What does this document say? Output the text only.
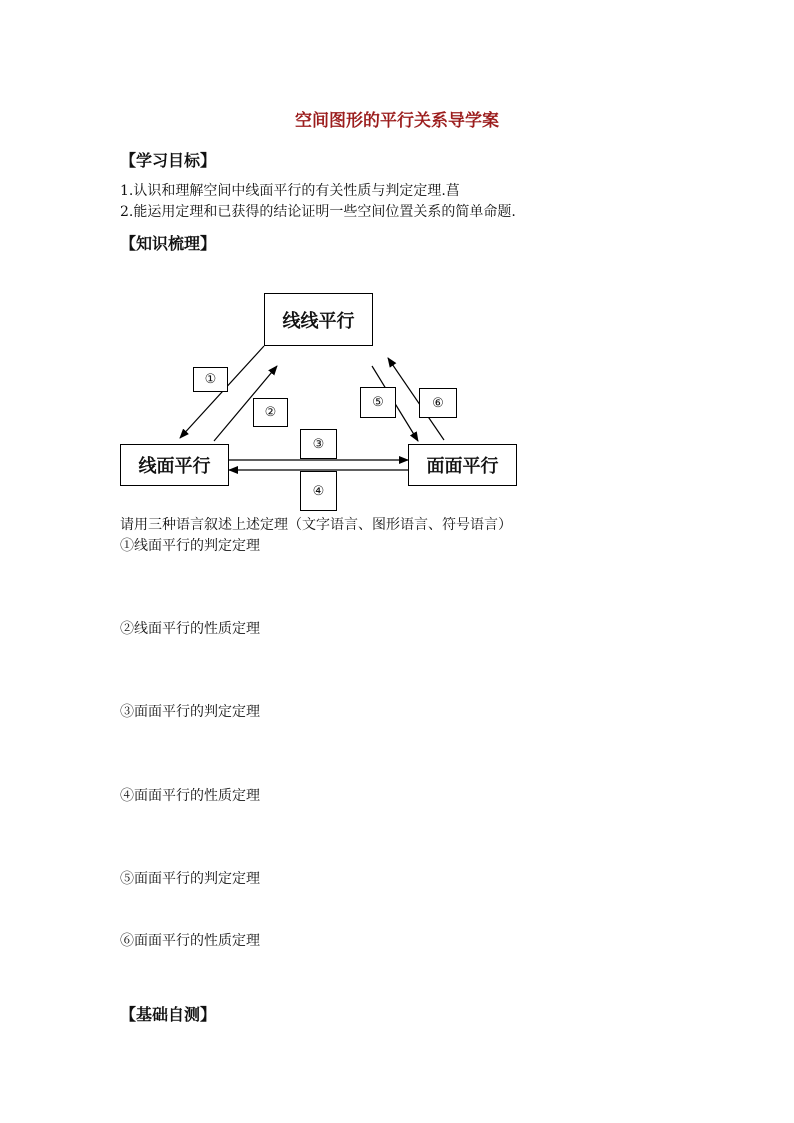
空间图形的平行关系导学案
【学习目标】
1.认识和理解空间中线面平行的有关性质与判定定理.菖
2.能运用定理和已获得的结论证明一些空间位置关系的简单命题.
【知识梳理】
线线平行
线面平行	面面平行
①
②
③
④
⑤	⑥
请用三种语言叙述上述定理（文字语言、图形语言、符号语言）
①线面平行的判定定理
②线面平行的性质定理
③面面平行的判定定理
④面面平行的性质定理
⑤面面平行的判定定理
⑥面面平行的性质定理
【基础自测】
